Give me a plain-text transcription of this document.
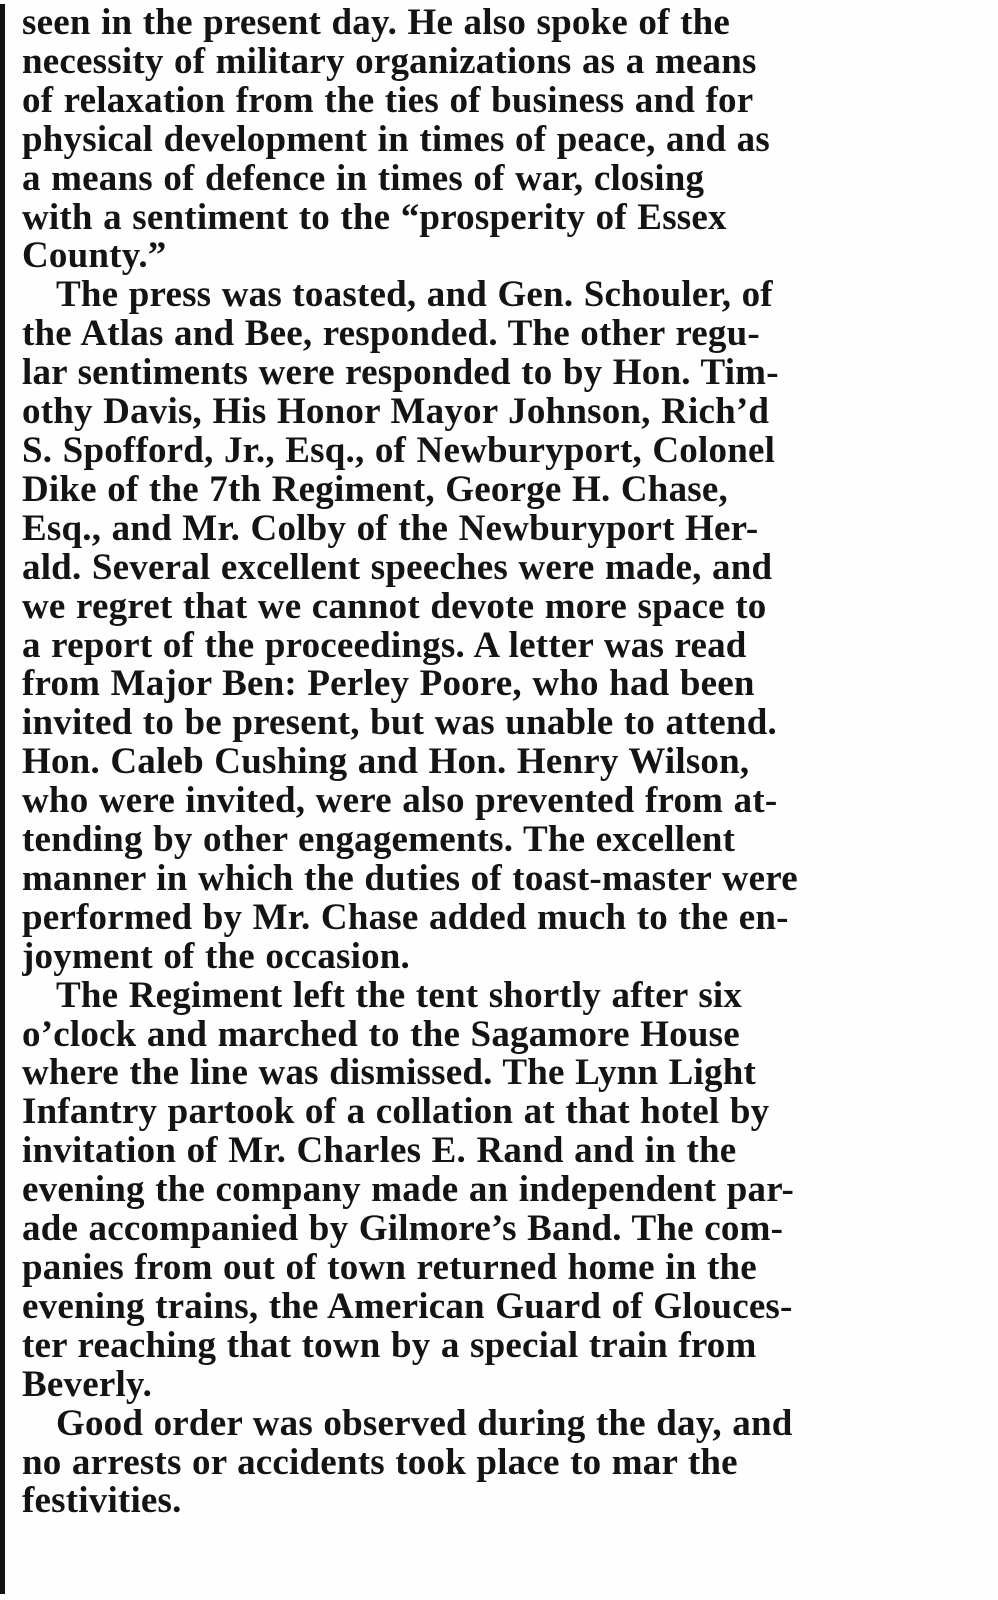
seen in the present day. He also spoke of the
necessity of military organizations as a means
of relaxation from the ties of business and for
physical development in times of peace, and as
a means of defence in times of war, closing
with a sentiment to the “prosperity of Essex
County.”
The press was toasted, and Gen. Schouler, of
the Atlas and Bee, responded. The other regu-
lar sentiments were responded to by Hon. Tim-
othy Davis, His Honor Mayor Johnson, Rich’d
S. Spofford, Jr., Esq., of Newburyport, Colonel
Dike of the 7th Regiment, George H. Chase,
Esq., and Mr. Colby of the Newburyport Her-
ald. Several excellent speeches were made, and
we regret that we cannot devote more space to
a report of the proceedings. A letter was read
from Major Ben: Perley Poore, who had been
invited to be present, but was unable to attend.
Hon. Caleb Cushing and Hon. Henry Wilson,
who were invited, were also prevented from at-
tending by other engagements. The excellent
manner in which the duties of toast-master were
performed by Mr. Chase added much to the en-
joyment of the occasion.
The Regiment left the tent shortly after six
o’clock and marched to the Sagamore House
where the line was dismissed. The Lynn Light
Infantry partook of a collation at that hotel by
invitation of Mr. Charles E. Rand and in the
evening the company made an independent par-
ade accompanied by Gilmore’s Band. The com-
panies from out of town returned home in the
evening trains, the American Guard of Glouces-
ter reaching that town by a special train from
Beverly.
Good order was observed during the day, and
no arrests or accidents took place to mar the
festivities.
